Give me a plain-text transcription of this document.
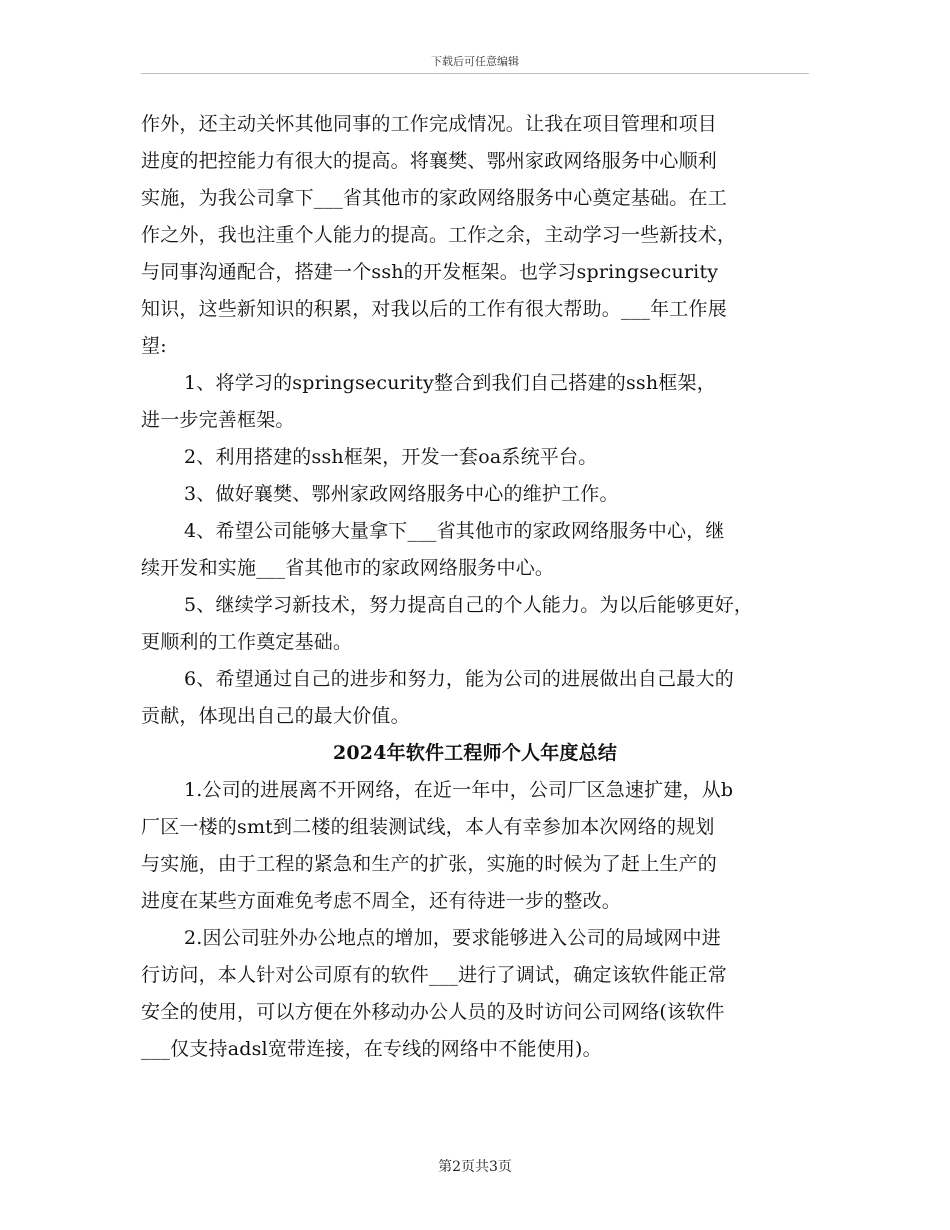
下载后可任意编辑
作外，还主动关怀其他同事的工作完成情况。让我在项目管理和项目
进度的把控能力有很大的提高。将襄樊、鄂州家政网络服务中心顺利
实施，为我公司拿下___省其他市的家政网络服务中心奠定基础。在工
作之外，我也注重个人能力的提高。工作之余，主动学习一些新技术，
与同事沟通配合，搭建一个ssh的开发框架。也学习springsecurity
知识，这些新知识的积累，对我以后的工作有很大帮助。___年工作展
望:
1、将学习的springsecurity整合到我们自己搭建的ssh框架，
进一步完善框架。
2、利用搭建的ssh框架，开发一套oa系统平台。
3、做好襄樊、鄂州家政网络服务中心的维护工作。
4、希望公司能够大量拿下___省其他市的家政网络服务中心，继
续开发和实施___省其他市的家政网络服务中心。
5、继续学习新技术，努力提高自己的个人能力。为以后能够更好，
更顺利的工作奠定基础。
6、希望通过自己的进步和努力，能为公司的进展做出自己最大的
贡献，体现出自己的最大价值。
2024年软件工程师个人年度总结
1.公司的进展离不开网络，在近一年中，公司厂区急速扩建，从b
厂区一楼的smt到二楼的组装测试线，本人有幸参加本次网络的规划
与实施，由于工程的紧急和生产的扩张，实施的时候为了赶上生产的
进度在某些方面难免考虑不周全，还有待进一步的整改。
2.因公司驻外办公地点的增加，要求能够进入公司的局域网中进
行访问，本人针对公司原有的软件___进行了调试，确定该软件能正常
安全的使用，可以方便在外移动办公人员的及时访问公司网络(该软件
___仅支持adsl宽带连接，在专线的网络中不能使用)。
第2页共3页
